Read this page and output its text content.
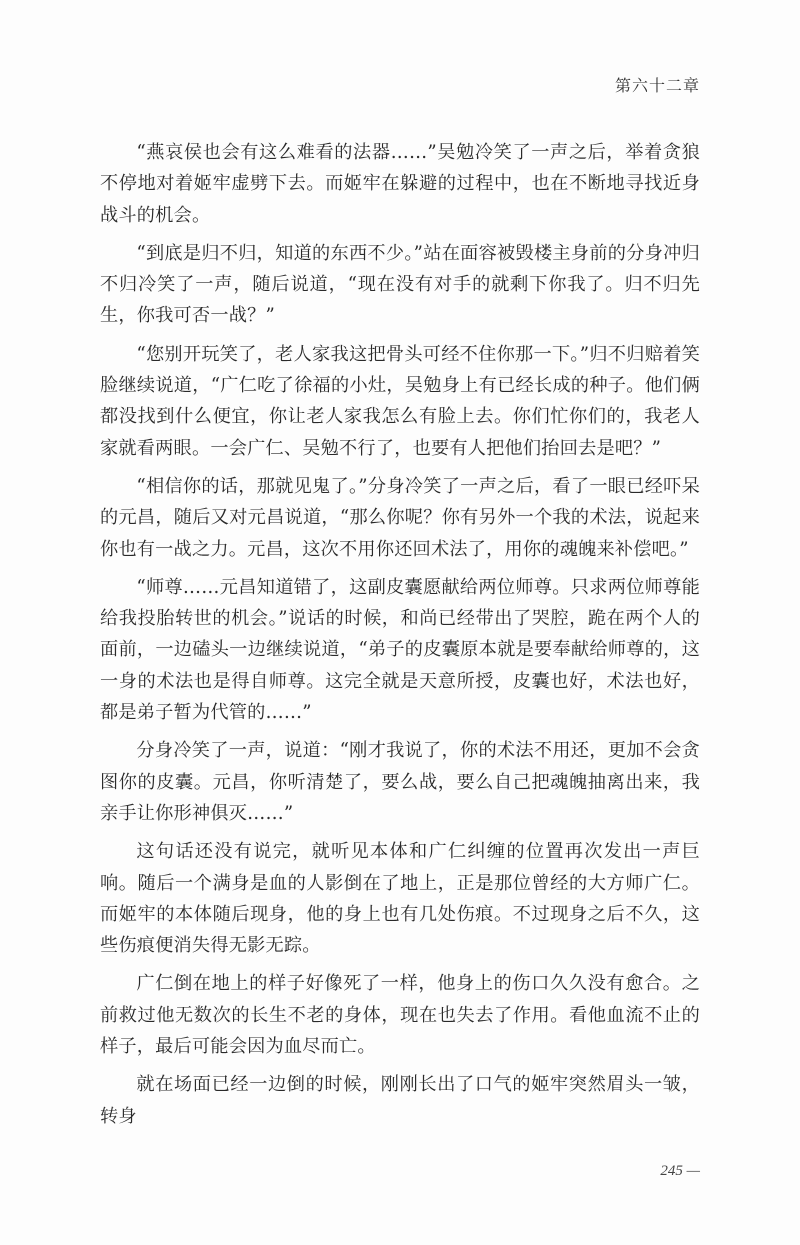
第六十二章

“燕哀侯也会有这么难看的法器……”吴勉冷笑了一声之后，举着贪狼不停地对着姬牢虚劈下去。而姬牢在躲避的过程中，也在不断地寻找近身战斗的机会。

“到底是归不归，知道的东西不少。”站在面容被毁楼主身前的分身冲归不归冷笑了一声，随后说道，“现在没有对手的就剩下你我了。归不归先生，你我可否一战？”

“您别开玩笑了，老人家我这把骨头可经不住你那一下。”归不归赔着笑脸继续说道，“广仁吃了徐福的小灶，吴勉身上有已经长成的种子。他们俩都没找到什么便宜，你让老人家我怎么有脸上去。你们忙你们的，我老人家就看两眼。一会广仁、吴勉不行了，也要有人把他们抬回去是吧？”

“相信你的话，那就见鬼了。”分身冷笑了一声之后，看了一眼已经吓呆的元昌，随后又对元昌说道，“那么你呢？你有另外一个我的术法，说起来你也有一战之力。元昌，这次不用你还回术法了，用你的魂魄来补偿吧。”

“师尊……元昌知道错了，这副皮囊愿献给两位师尊。只求两位师尊能给我投胎转世的机会。”说话的时候，和尚已经带出了哭腔，跪在两个人的面前，一边磕头一边继续说道，“弟子的皮囊原本就是要奉献给师尊的，这一身的术法也是得自师尊。这完全就是天意所授，皮囊也好，术法也好，都是弟子暂为代管的……”

分身冷笑了一声，说道：“刚才我说了，你的术法不用还，更加不会贪图你的皮囊。元昌，你听清楚了，要么战，要么自己把魂魄抽离出来，我亲手让你形神俱灭……”

这句话还没有说完，就听见本体和广仁纠缠的位置再次发出一声巨响。随后一个满身是血的人影倒在了地上，正是那位曾经的大方师广仁。而姬牢的本体随后现身，他的身上也有几处伤痕。不过现身之后不久，这些伤痕便消失得无影无踪。

广仁倒在地上的样子好像死了一样，他身上的伤口久久没有愈合。之前救过他无数次的长生不老的身体，现在也失去了作用。看他血流不止的样子，最后可能会因为血尽而亡。

就在场面已经一边倒的时候，刚刚长出了口气的姬牢突然眉头一皱，转身

245 —
